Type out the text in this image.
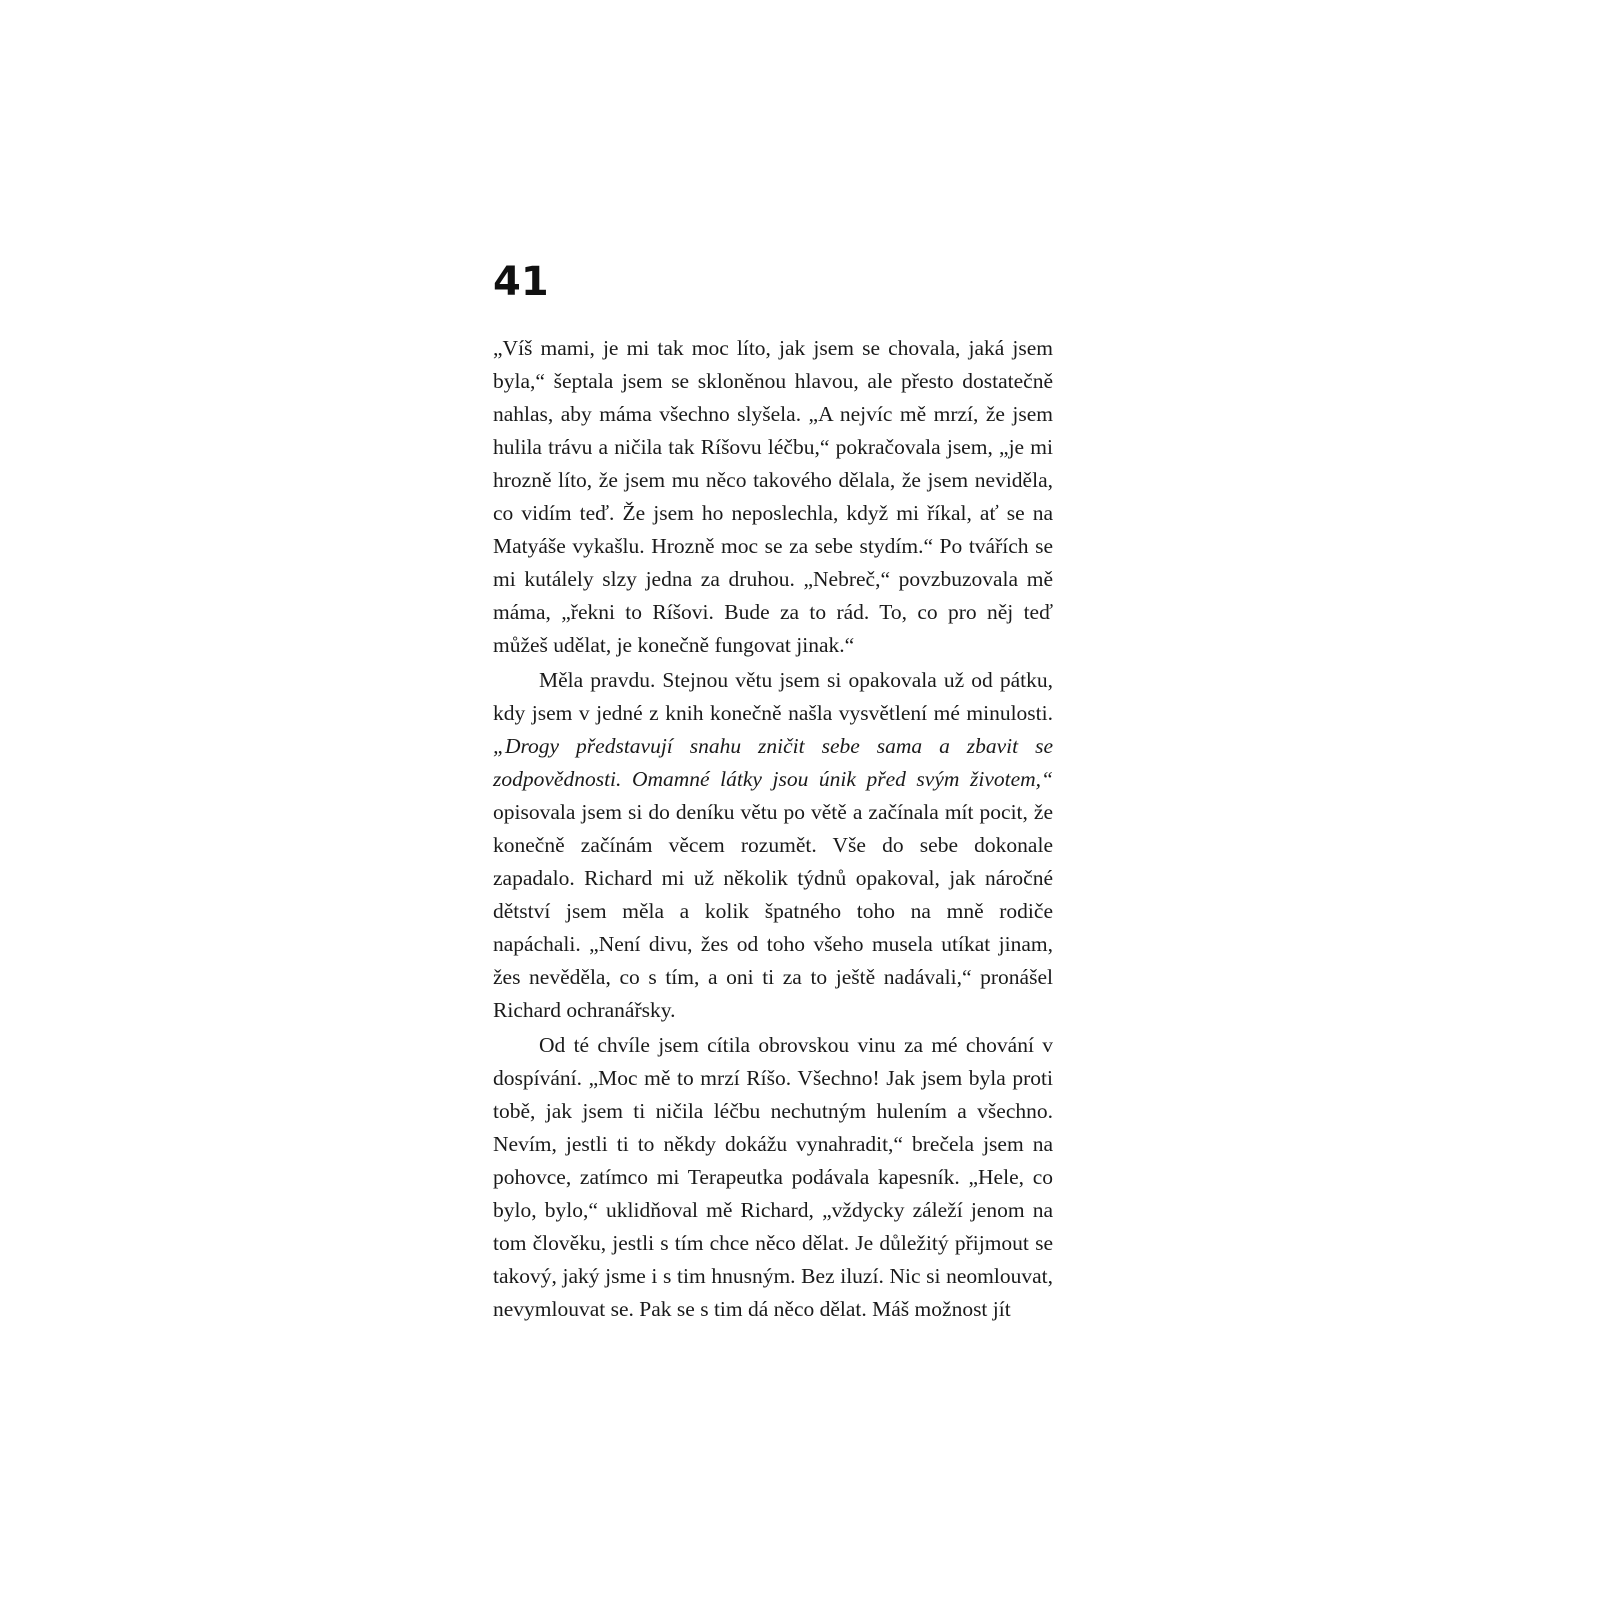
41

„Víš mami, je mi tak moc líto, jak jsem se chovala, jaká jsem byla,“ šeptala jsem se skloněnou hlavou, ale přesto dostatečně nahlas, aby máma všechno slyšela. „A nejvíc mě mrzí, že jsem hulila trávu a ničila tak Ríšovu léčbu,“ pokračovala jsem, „je mi hrozně líto, že jsem mu něco takového dělala, že jsem neviděla, co vidím teď. Že jsem ho neposlechla, když mi říkal, ať se na Matyáše vykašlu. Hrozně moc se za sebe stydím.“ Po tvářích se mi kutálely slzy jedna za druhou. „Nebreč,“ povzbuzovala mě máma, „řekni to Ríšovi. Bude za to rád. To, co pro něj teď můžeš udělat, je konečně fungovat jinak.“

Měla pravdu. Stejnou větu jsem si opakovala už od pátku, kdy jsem v jedné z knih konečně našla vysvětlení mé minulosti. „Drogy představují snahu zničit sebe sama a zbavit se zodpovědnosti. Omamné látky jsou únik před svým životem,“ opisovala jsem si do deníku větu po větě a začínala mít pocit, že konečně začínám věcem rozumět. Vše do sebe dokonale zapadalo. Richard mi už několik týdnů opakoval, jak náročné dětství jsem měla a kolik špatného toho na mně rodiče napáchali. „Není divu, žes od toho všeho musela utíkat jinam, žes nevěděla, co s tím, a oni ti za to ještě nadávali,“ pronášel Richard ochranářsky.

Od té chvíle jsem cítila obrovskou vinu za mé chování v dospívání. „Moc mě to mrzí Ríšo. Všechno! Jak jsem byla proti tobě, jak jsem ti ničila léčbu nechutným hulením a všechno. Nevím, jestli ti to někdy dokážu vynahradit,“ brečela jsem na pohovce, zatímco mi Terapeutka podávala kapesník. „Hele, co bylo, bylo,“ uklidňoval mě Richard, „vždycky záleží jenom na tom člověku, jestli s tím chce něco dělat. Je důležitý přijmout se takový, jaký jsme i s tim hnusným. Bez iluzí. Nic si neomlouvat, nevymlouvat se. Pak se s tim dá něco dělat. Máš možnost jít
